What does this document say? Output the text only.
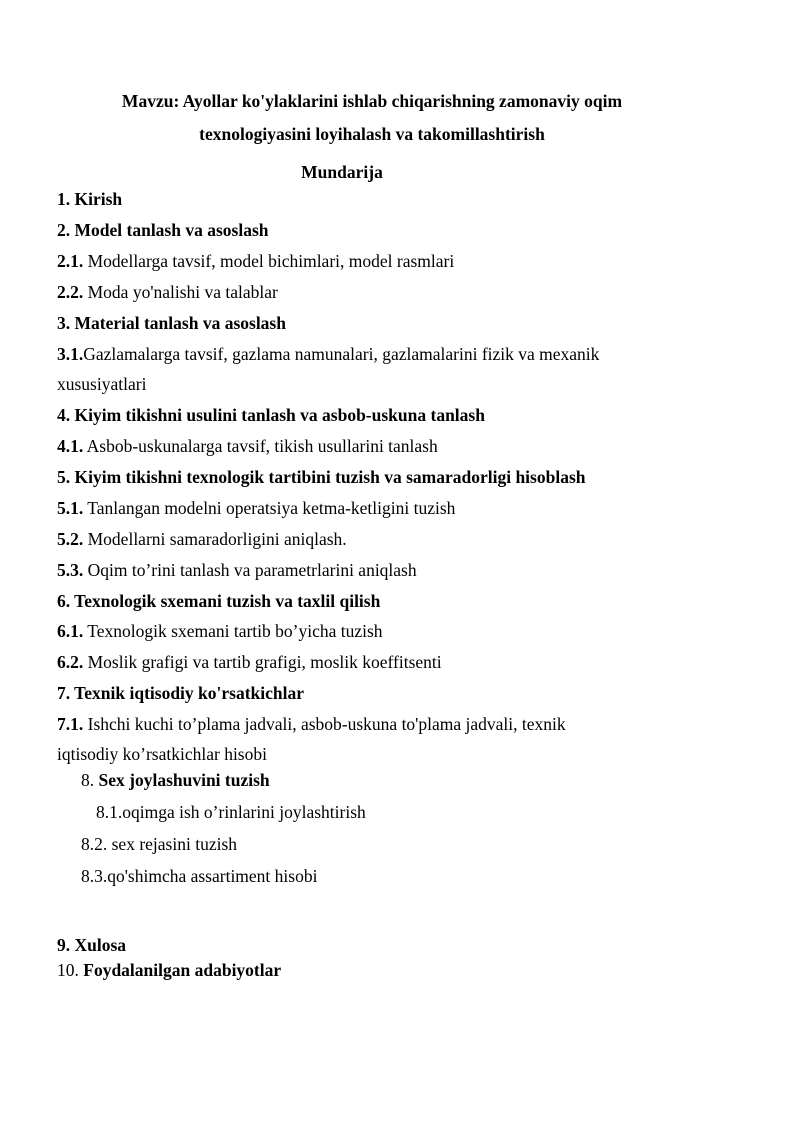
Mavzu: Ayollar ko'ylaklarini ishlab chiqarishning zamonaviy oqim
texnologiyasini loyihalash va takomillashtirish
Mundarija
1. Kirish
2. Model tanlash va asoslash
2.1. Modellarga tavsif, model bichimlari, model rasmlari
2.2. Moda yo'nalishi va talablar
3. Material tanlash va asoslash
3.1.Gazlamalarga tavsif, gazlama namunalari, gazlamalarini fizik va mexanik
xususiyatlari
4. Kiyim tikishni usulini tanlash va asbob-uskuna tanlash
4.1. Asbob-uskunalarga tavsif, tikish usullarini tanlash
5. Kiyim tikishni texnologik tartibini tuzish va samaradorligi hisoblash
5.1. Tanlangan modelni operatsiya ketma-ketligini tuzish
5.2. Modellarni samaradorligini aniqlash.
5.3. Oqim to’rini tanlash va parametrlarini aniqlash
6. Texnologik sxemani tuzish va taxlil qilish
6.1. Texnologik sxemani tartib bo’yicha tuzish
6.2. Moslik grafigi va tartib grafigi, moslik koeffitsenti
7. Texnik iqtisodiy ko'rsatkichlar
7.1. Ishchi kuchi to’plama jadvali, asbob-uskuna to'plama jadvali, texnik
iqtisodiy ko’rsatkichlar hisobi
8. Sex joylashuvini tuzish
8.1.oqimga ish o’rinlarini joylashtirish
8.2. sex rejasini tuzish
8.3.qo'shimcha assartiment hisobi
9. Xulosa
10. Foydalanilgan adabiyotlar
